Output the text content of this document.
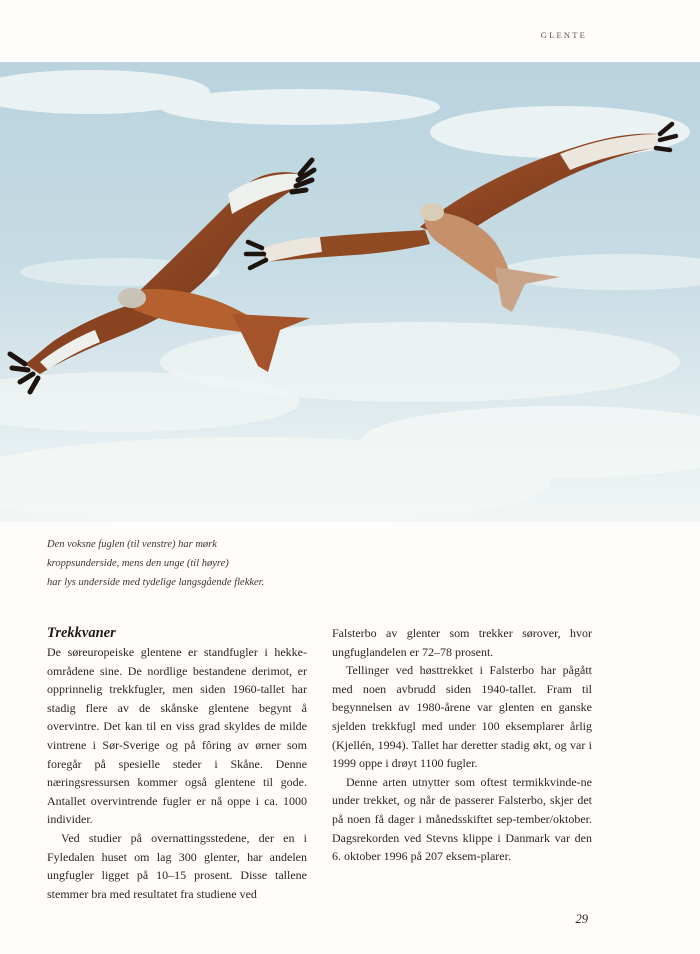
GLENTE
Den voksne fuglen (til venstre) har mørk
kroppsunderside, mens den unge (til høyre)
har lys underside med tydelige langsgående flekker.
Trekkvaner

De søreuropeiske glentene er standfugler i hekke-områdene sine. De nordlige bestandene derimot, er opprinnelig trekkfugler, men siden 1960-tallet har stadig flere av de skånske glentene begynt å overvintre. Det kan til en viss grad skyldes de milde vintrene i Sør-Sverige og på fôring av ørner som foregår på spesielle steder i Skåne. Denne næringsressursen kommer også glentene til gode. Antallet overvintrende fugler er nå oppe i ca. 1000 individer.

Ved studier på overnattingsstedene, der en i Fyledalen huset om lag 300 glenter, har andelen ungfugler ligget på 10–15 prosent. Disse tallene stemmer bra med resultatet fra studiene ved

Falsterbo av glenter som trekker sørover, hvor ungfuglandelen er 72–78 prosent.

Tellinger ved høsttrekket i Falsterbo har pågått med noen avbrudd siden 1940-tallet. Fram til begynnelsen av 1980-årene var glenten en ganske sjelden trekkfugl med under 100 eksemplarer årlig (Kjellén, 1994). Tallet har deretter stadig økt, og var i 1999 oppe i drøyt 1100 fugler.

Denne arten utnytter som oftest termikkvinde-ne under trekket, og når de passerer Falsterbo, skjer det på noen få dager i månedsskiftet sep-tember/oktober. Dagsrekorden ved Stevns klippe i Danmark var den 6. oktober 1996 på 207 eksem-plarer.

29
